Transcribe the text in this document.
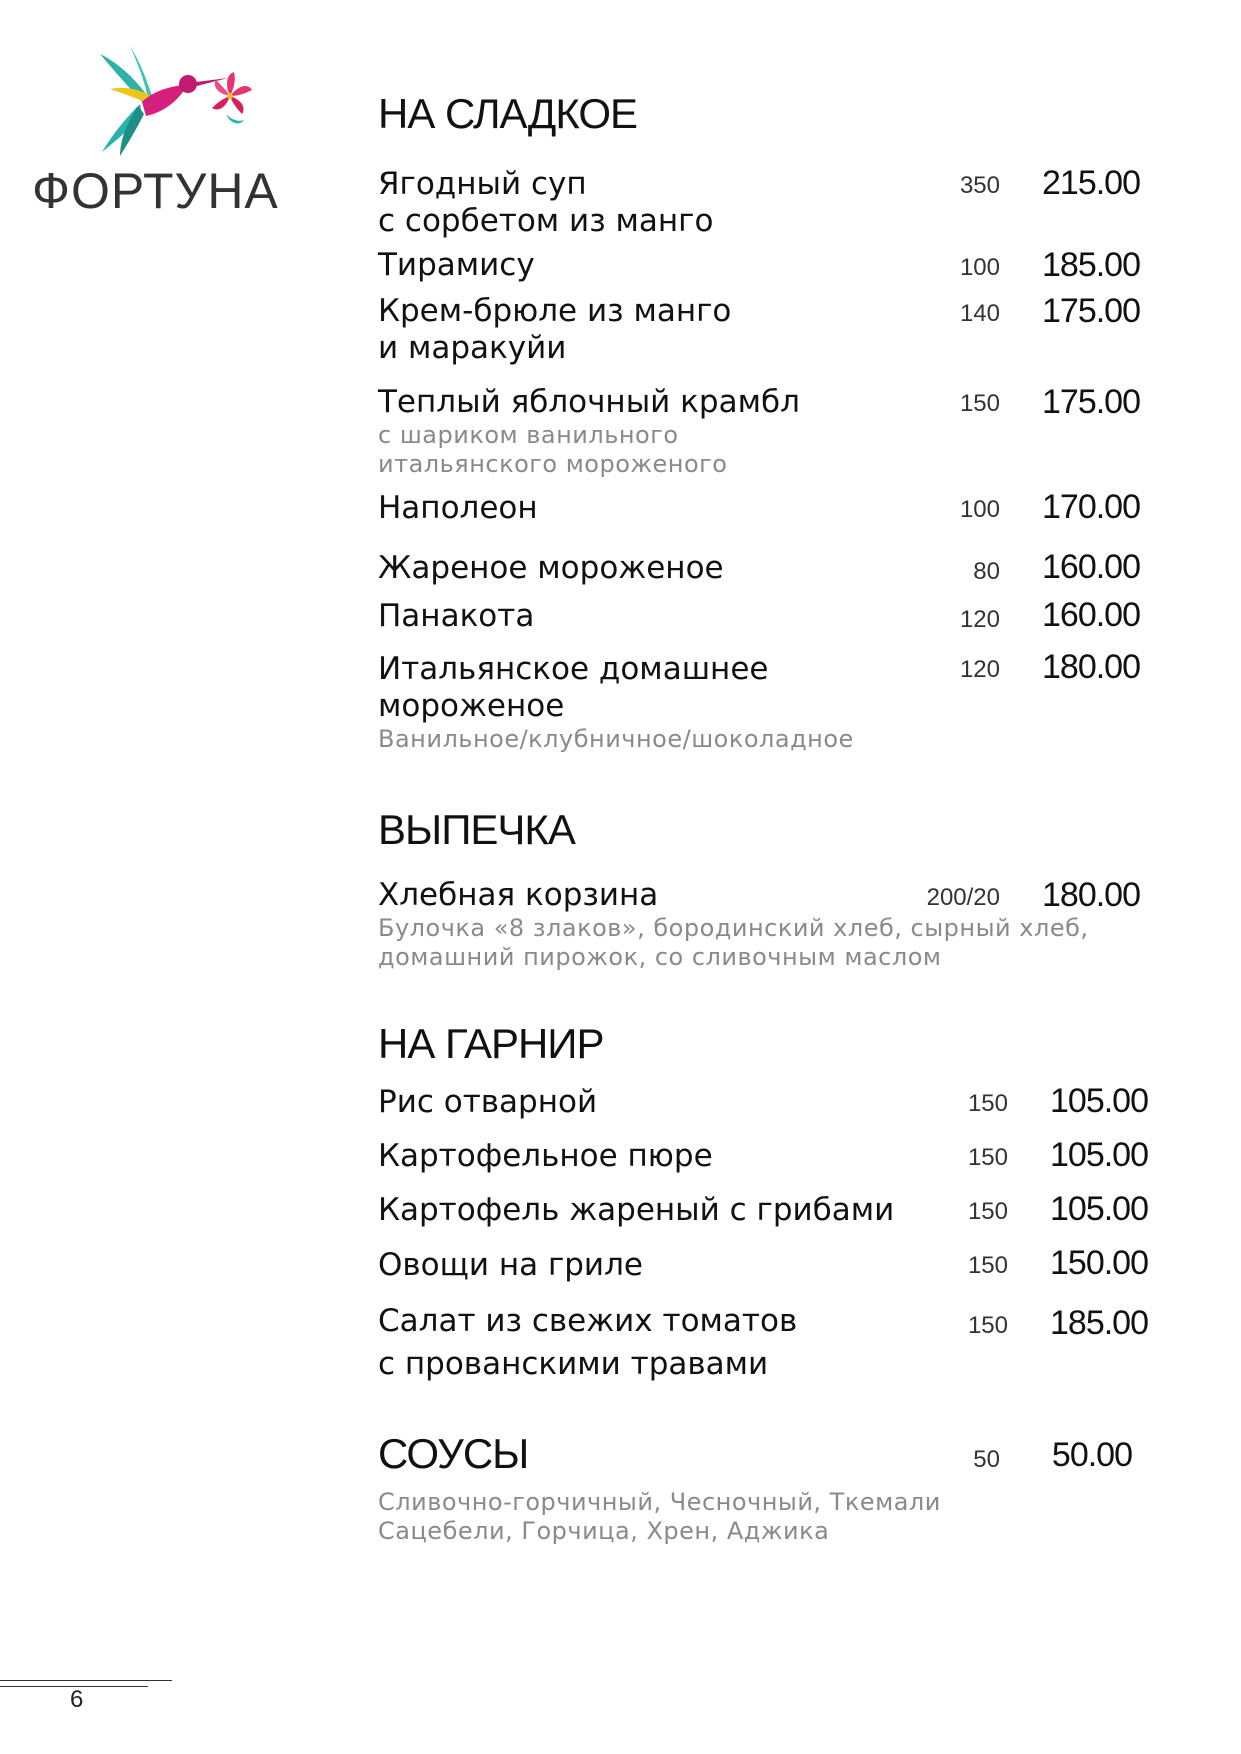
ФОРТУНА
НА СЛАДКОЕ
Ягодный суп
с сорбетом из манго
350	215.00
Тирамису	100	185.00
Крем-брюле из манго
и маракуйи
140	175.00
Теплый яблочный крамбл
с шариком ванильного
итальянского мороженого
150	175.00
Наполеон	100	170.00
Жареное мороженое	80	160.00
Панакота	120	160.00
Итальянское домашнее
мороженое
Ванильное/клубничное/шоколадное
120	180.00
ВЫПЕЧКА
Хлебная корзина
Булочка «8 злаков», бородинский хлеб, сырный хлеб,
домашний пирожок, со сливочным маслом
200/20	180.00
НА ГАРНИР
Рис отварной	150	105.00
Картофельное пюре	150	105.00
Картофель жареный с грибами	150	105.00
Овощи на гриле	150	150.00
Салат из свежих томатов
с прованскими травами
150	185.00
СОУСЫ	50	50.00
Сливочно-горчичный, Чесночный, Ткемали
Сацебели, Горчица, Хрен, Аджика
6
